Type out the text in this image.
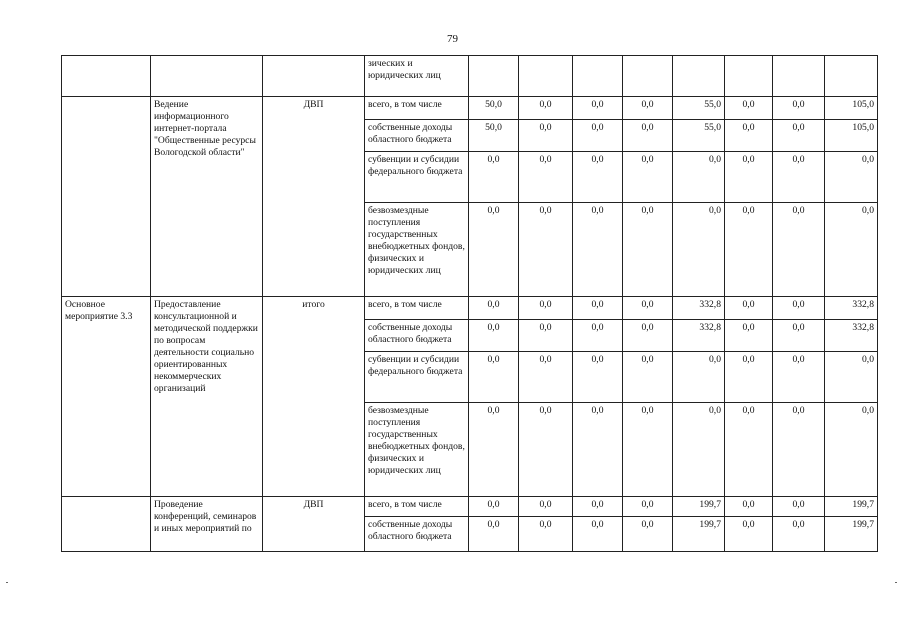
79
			зических и юридических лиц								
	Ведение информационного интернет-портала "Общественные ресурсы Вологодской области"	ДВП	всего, в том числе	50,0	0,0	0,0	0,0	55,0	0,0	0,0	105,0
			собственные доходы областного бюджета	50,0	0,0	0,0	0,0	55,0	0,0	0,0	105,0
			субвенции и субсидии федерального бюджета	0,0	0,0	0,0	0,0	0,0	0,0	0,0	0,0
			безвозмездные поступления государственных внебюджетных фондов, физических и юридических лиц	0,0	0,0	0,0	0,0	0,0	0,0	0,0	0,0
Основное мероприятие 3.3	Предоставление консультационной и методической поддержки по вопросам деятельности социально ориентированных некоммерческих организаций	итого	всего, в том числе	0,0	0,0	0,0	0,0	332,8	0,0	0,0	332,8
			собственные доходы областного бюджета	0,0	0,0	0,0	0,0	332,8	0,0	0,0	332,8
			субвенции и субсидии федерального бюджета	0,0	0,0	0,0	0,0	0,0	0,0	0,0	0,0
			безвозмездные поступления государственных внебюджетных фондов, физических и юридических лиц	0,0	0,0	0,0	0,0	0,0	0,0	0,0	0,0
	Проведение конференций, семинаров и иных мероприятий по	ДВП	всего, в том числе	0,0	0,0	0,0	0,0	199,7	0,0	0,0	199,7
			собственные доходы областного бюджета	0,0	0,0	0,0	0,0	199,7	0,0	0,0	199,7
